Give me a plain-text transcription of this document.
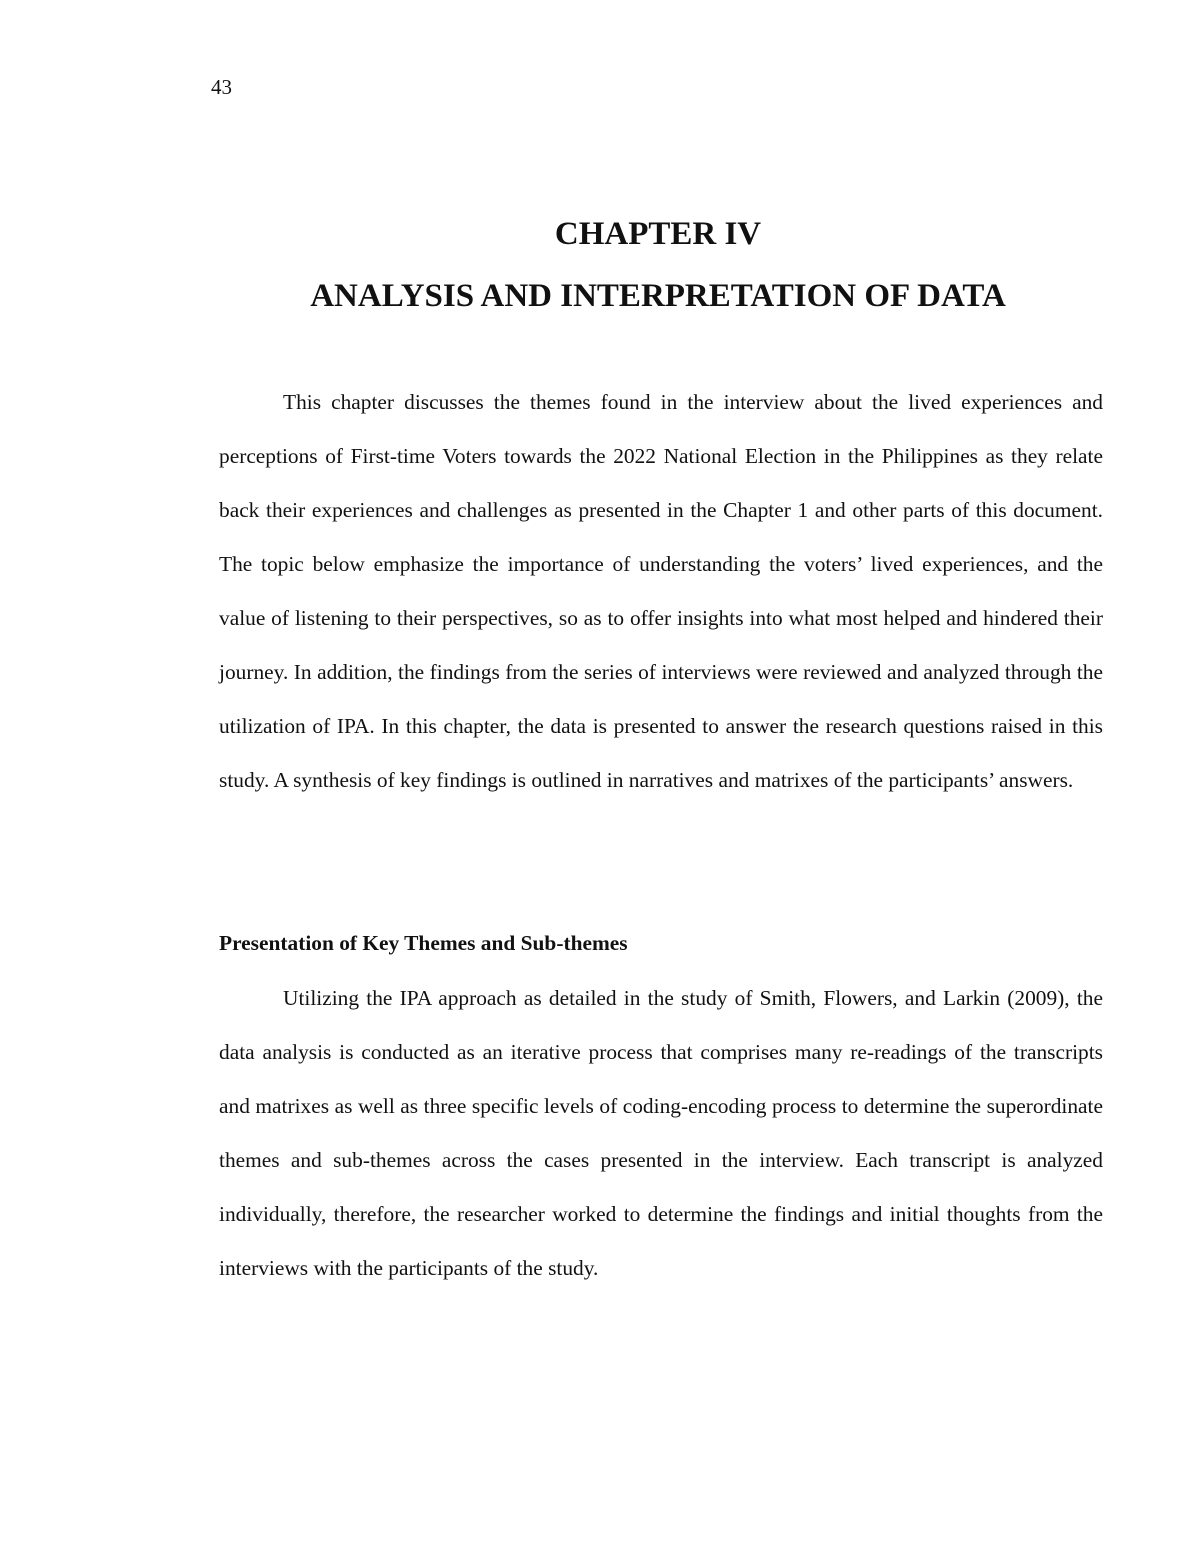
43
CHAPTER IV
ANALYSIS AND INTERPRETATION OF DATA

This chapter discusses the themes found in the interview about the lived experiences and perceptions of First-time Voters towards the 2022 National Election in the Philippines as they relate back their experiences and challenges as presented in the Chapter 1 and other parts of this document. The topic below emphasize the importance of understanding the voters’ lived experiences, and the value of listening to their perspectives, so as to offer insights into what most helped and hindered their journey. In addition, the findings from the series of interviews were reviewed and analyzed through the utilization of IPA. In this chapter, the data is presented to answer the research questions raised in this study. A synthesis of key findings is outlined in narratives and matrixes of the participants’ answers.

Presentation of Key Themes and Sub-themes

Utilizing the IPA approach as detailed in the study of Smith, Flowers, and Larkin (2009), the data analysis is conducted as an iterative process that comprises many re-readings of the transcripts and matrixes as well as three specific levels of coding-encoding process to determine the superordinate themes and sub-themes across the cases presented in the interview. Each transcript is analyzed individually, therefore, the researcher worked to determine the findings and initial thoughts from the interviews with the participants of the study.
